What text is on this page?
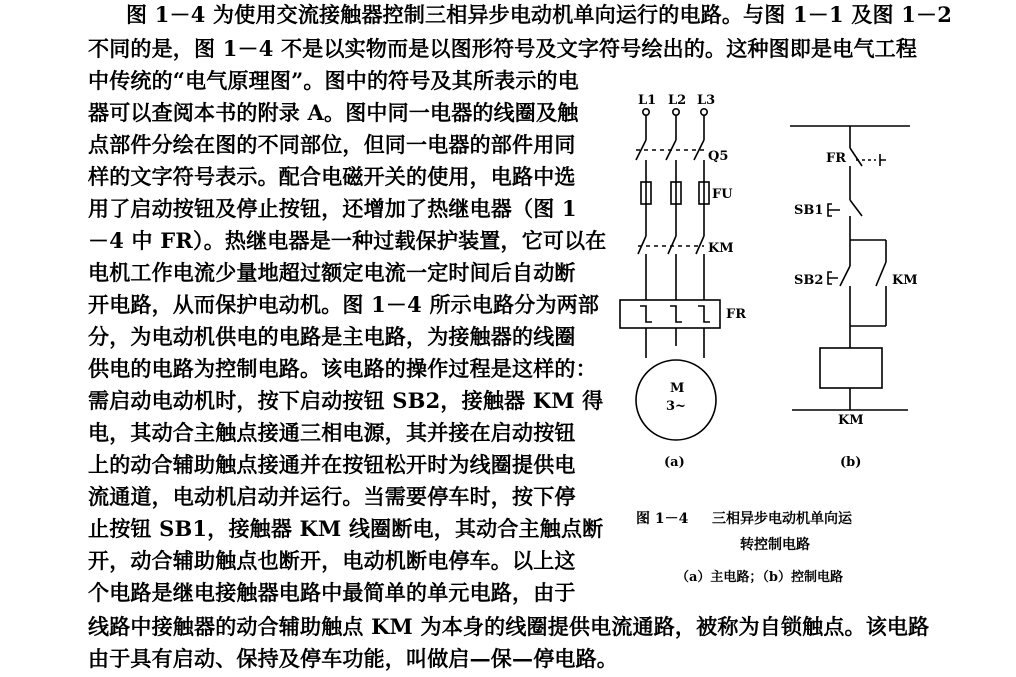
图 1－4 为使用交流接触器控制三相异步电动机单向运行的电路。与图 1－1 及图 1－2
不同的是，图 1－4 不是以实物而是以图形符号及文字符号绘出的。这种图即是电气工程
中传统的“电气原理图”。图中的符号及其所表示的电
器可以查阅本书的附录 A。图中同一电器的线圈及触
点部件分绘在图的不同部位，但同一电器的部件用同
样的文字符号表示。配合电磁开关的使用，电路中选
用了启动按钮及停止按钮，还增加了热继电器（图 1
－4 中 FR）。热继电器是一种过载保护装置，它可以在
电机工作电流少量地超过额定电流一定时间后自动断
开电路，从而保护电动机。图 1－4 所示电路分为两部
分，为电动机供电的电路是主电路，为接触器的线圈
供电的电路为控制电路。该电路的操作过程是这样的：
需启动电动机时，按下启动按钮 SB2，接触器 KM 得
电，其动合主触点接通三相电源，其并接在启动按钮
上的动合辅助触点接通并在按钮松开时为线圈提供电
流通道，电动机启动并运行。当需要停车时，按下停
止按钮 SB1，接触器 KM 线圈断电，其动合主触点断
开，动合辅助触点也断开，电动机断电停车。以上这
个电路是继电接触器电路中最简单的单元电路，由于
线路中接触器的动合辅助触点 KM 为本身的线圈提供电流通路，被称为自锁触点。该电路
由于具有启动、保持及停车功能，叫做启—保—停电路。
L1 L2 L3
Q5
FU
KM
FR
M
3~
(a)
FR
SB1
SB2	KM
KM
(b)
图 1－4 三相异步电动机单向运
转控制电路
（a）主电路；（b）控制电路
